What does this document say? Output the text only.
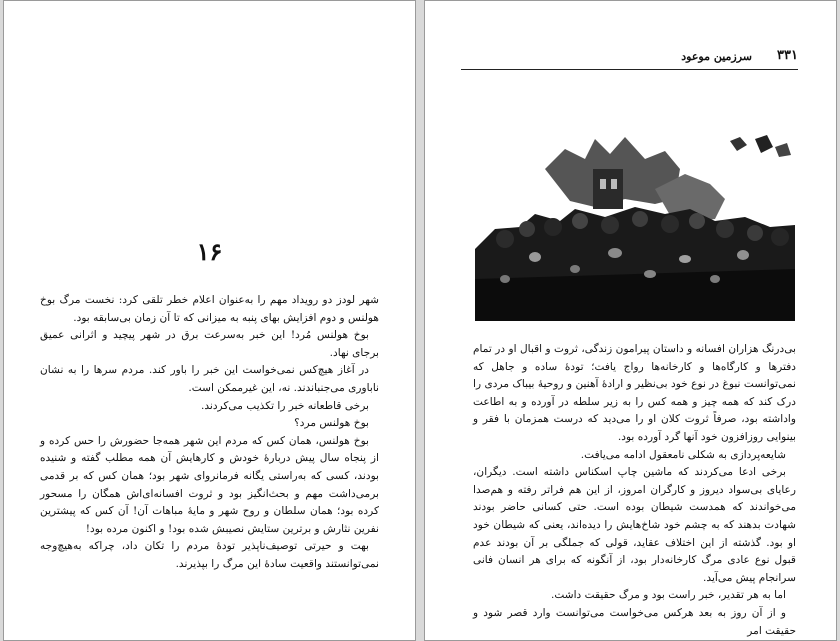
۱۶

شهر لودز دو رویداد مهم را به‌عنوان اعلام خطر تلقی کرد: نخست مرگ بوخ هولنس و دوم افزایش بهای پنبه به میزانی که تا آن زمان بی‌سابقه بود.

بوخ هولنس مُرد! این خبر به‌سرعت برق در شهر پیچید و اثرانی عمیق برجای نهاد.

در آغاز هیچ‌کس نمی‌خواست این خبر را باور کند. مردم سرها را به نشان ناباوری می‌جنباندند. نه، این غیرممکن است.

برخی قاطعانه خبر را تکذیب می‌کردند.

بوخ هولنس مرد؟

بوخ هولنس، همان کس که مردم این شهر همه‌جا حضورش را حس کرده و از پنجاه سال پیش دربارهٔ خودش و کارهایش آن همه مطلب گفته و شنیده بودند، کسی که به‌راستی یگانه فرمانروای شهر بود؛ همان کس که بر قدمی برمی‌داشت مهم و بحث‌انگیز بود و ثروت افسانه‌ای‌اش همگان را مسحور کرده بود؛ همان سلطان و روح شهر و مایهٔ مباهات آن! آن کس که پیشترین نفرین نثارش و برترین ستایش نصیبش شده بود! و اکنون مرده بود!

بهت و حیرتی توصیف‌ناپذیر تودهٔ مردم را تکان داد، چراکه به‌هیچ‌وجه نمی‌توانستند واقعیت سادهٔ این مرگ را بپذیرند.

۳۳۱
سرزمین موعود

بی‌درنگ هزاران افسانه و داستان پیرامون زندگی، ثروت و اقبال او در تمام دفترها و کارگاه‌ها و کارخانه‌ها رواج یافت؛ تودهٔ ساده و جاهل که نمی‌توانست نبوغ در نوع خود بی‌نظیر و ارادهٔ آهنین و روحیهٔ بیباک مردی را درک کند که همه چیز و همه کس را به زیر سلطه در آورده و به اطاعت واداشته بود، صرفاً ثروت کلان او را می‌دید که درست همزمان با فقر و بینوایی روزافزون خود آنها گرد آورده بود.

شایعه‌پردازی به شکلی نامعقول ادامه می‌یافت.

برخی ادعا می‌کردند که ماشین چاپ اسکناس داشته است. دیگران، رعایای بی‌سواد دیروز و کارگران امروز، از این هم فراتر رفته و هم‌صدا می‌خواندند که همدست شیطان بوده است. حتی کسانی حاضر بودند شهادت بدهند که به چشم خود شاخ‌هایش را دیده‌اند، یعنی که شیطان خود او بود. گذشته از این اختلاف عقاید، قولی که جملگی بر آن بودند عدم قبول نوع عادی مرگ کارخانه‌دار بود، از آنگونه که برای هر انسان فانی سرانجام پیش می‌آید.

اما به هر تقدیر، خبر راست بود و مرگ حقیقت داشت.

و از آن روز به بعد هرکس می‌خواست می‌توانست وارد قصر شود و حقیقت امر
